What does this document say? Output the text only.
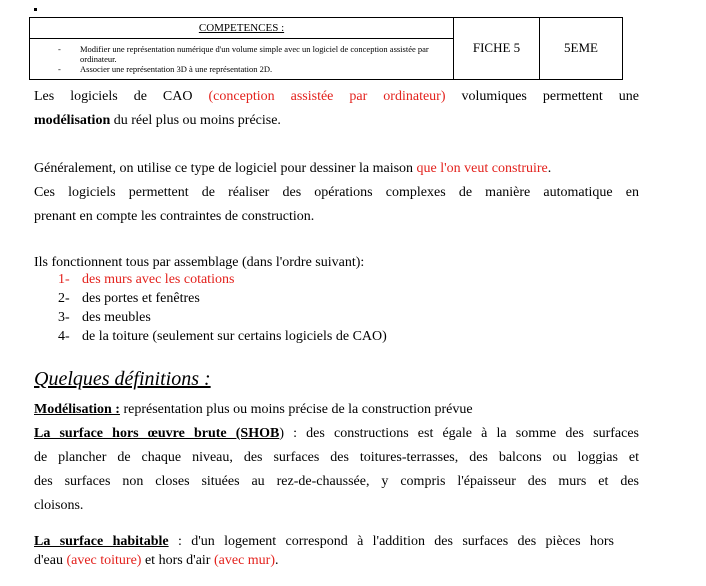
COMPETENCES :	FICHE 5	5EME

- Modifier une représentation numérique d'un volume simple avec un logiciel de conception assistée par ordinateur.
- Associer une représentation 3D à une représentation 2D.
Les logiciels de CAO (conception assistée par ordinateur) volumiques permettent une
modélisation du réel plus ou moins précise.
Généralement, on utilise ce type de logiciel pour dessiner la maison que l'on veut construire.
Ces logiciels permettent de réaliser des opérations complexes de manière automatique en
prenant en compte les contraintes de construction.
Ils fonctionnent tous par assemblage (dans l'ordre suivant):
1- des murs avec les cotations
2- des portes et fenêtres
3- des meubles
4- de la toiture (seulement sur certains logiciels de CAO)
Quelques définitions :
Modélisation : représentation plus ou moins précise de la construction prévue
La surface hors œuvre brute (SHOB) : des constructions est égale à la somme des surfaces
de plancher de chaque niveau, des surfaces des toitures-terrasses, des balcons ou loggias et
des surfaces non closes situées au rez-de-chaussée, y compris l'épaisseur des murs et des
cloisons.
La surface habitable : d'un logement correspond à l'addition des surfaces des pièces hors
d'eau (avec toiture) et hors d'air (avec mur).
